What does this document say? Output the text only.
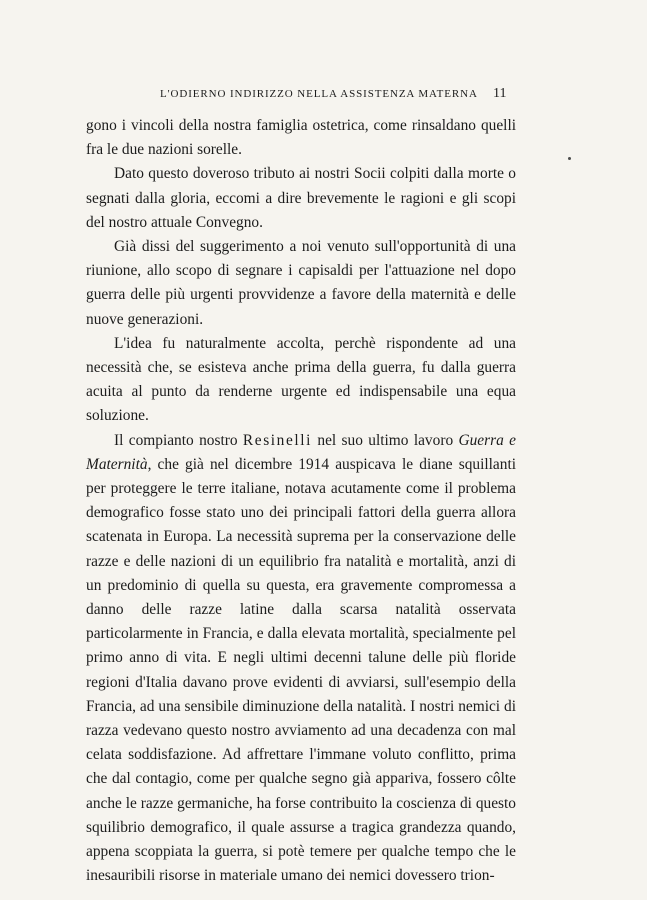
L'ODIERNO INDIRIZZO NELLA ASSISTENZA MATERNA 11

gono i vincoli della nostra famiglia ostetrica, come rinsaldano quelli fra le due nazioni sorelle.

Dato questo doveroso tributo ai nostri Socii colpiti dalla morte o segnati dalla gloria, eccomi a dire brevemente le ragioni e gli scopi del nostro attuale Convegno.

Già dissi del suggerimento a noi venuto sull'opportunità di una riunione, allo scopo di segnare i capisaldi per l'attuazione nel dopo guerra delle più urgenti provvidenze a favore della maternità e delle nuove generazioni.

L'idea fu naturalmente accolta, perchè rispondente ad una necessità che, se esisteva anche prima della guerra, fu dalla guerra acuita al punto da renderne urgente ed indispensabile una equa soluzione.

Il compianto nostro Resinelli nel suo ultimo lavoro Guerra e Maternità, che già nel dicembre 1914 auspicava le diane squillanti per proteggere le terre italiane, notava acutamente come il problema demografico fosse stato uno dei principali fattori della guerra allora scatenata in Europa. La necessità suprema per la conservazione delle razze e delle nazioni di un equilibrio fra natalità e mortalità, anzi di un predominio di quella su questa, era gravemente compromessa a danno delle razze latine dalla scarsa natalità osservata particolarmente in Francia, e dalla elevata mortalità, specialmente pel primo anno di vita. E negli ultimi decenni talune delle più floride regioni d'Italia davano prove evidenti di avviarsi, sull'esempio della Francia, ad una sensibile diminuzione della natalità. I nostri nemici di razza vedevano questo nostro avviamento ad una decadenza con mal celata soddisfazione. Ad affrettare l'immane voluto conflitto, prima che dal contagio, come per qualche segno già appariva, fossero côlte anche le razze germaniche, ha forse contribuito la coscienza di questo squilibrio demografico, il quale assurse a tragica grandezza quando, appena scoppiata la guerra, si potè temere per qualche tempo che le inesauribili risorse in materiale umano dei nemici dovessero trion-
